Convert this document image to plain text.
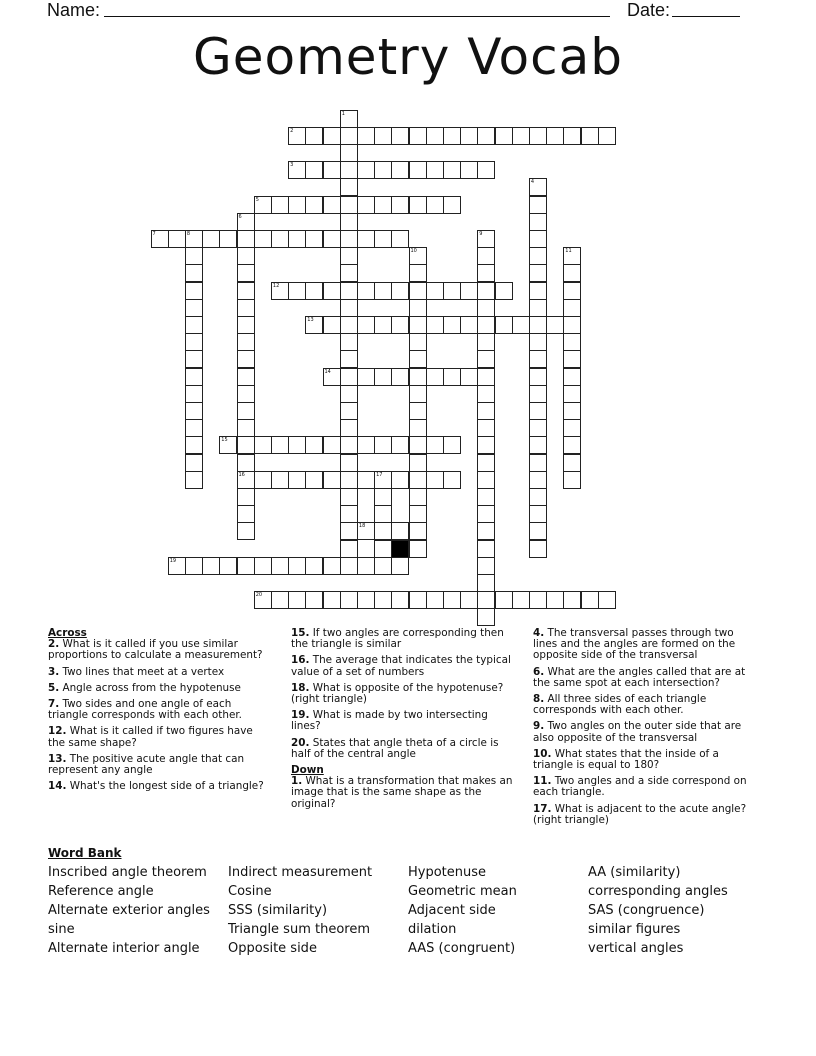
Name:	Date:
Geometry Vocab
1
2
3
4
5
6
16
7	8	9
10	11
12
13
14
15
17
18
19
20
Across
2. What is it called if you use similar proportions to calculate a measurement?
3. Two lines that meet at a vertex
5. Angle across from the hypotenuse
7. Two sides and one angle of each triangle corresponds with each other.
12. What is it called if two figures have the same shape?
13. The positive acute angle that can represent any angle
14. What's the longest side of a triangle?
15. If two angles are corresponding then the triangle is similar
16. The average that indicates the typical value of a set of numbers
18. What is opposite of the hypotenuse? (right triangle)
19. What is made by two intersecting lines?
20. States that angle theta of a circle is half of the central angle
Down
1. What is a transformation that makes an image that is the same shape as the original?
4. The transversal passes through two lines and the angles are formed on the opposite side of the transversal
6. What are the angles called that are at the same spot at each intersection?
8. All three sides of each triangle corresponds with each other.
9. Two angles on the outer side that are also opposite of the transversal
10. What states that the inside of a triangle is equal to 180?
11. Two angles and a side correspond on each triangle.
17. What is adjacent to the acute angle? (right triangle)
Word Bank
Inscribed angle theorem
Reference angle
Alternate exterior angles
sine
Alternate interior angle
Indirect measurement
Cosine
SSS (similarity)
Triangle sum theorem
Opposite side
Hypotenuse
Geometric mean
Adjacent side
dilation
AAS (congruent)
AA (similarity)
corresponding angles
SAS (congruence)
similar figures
vertical angles
